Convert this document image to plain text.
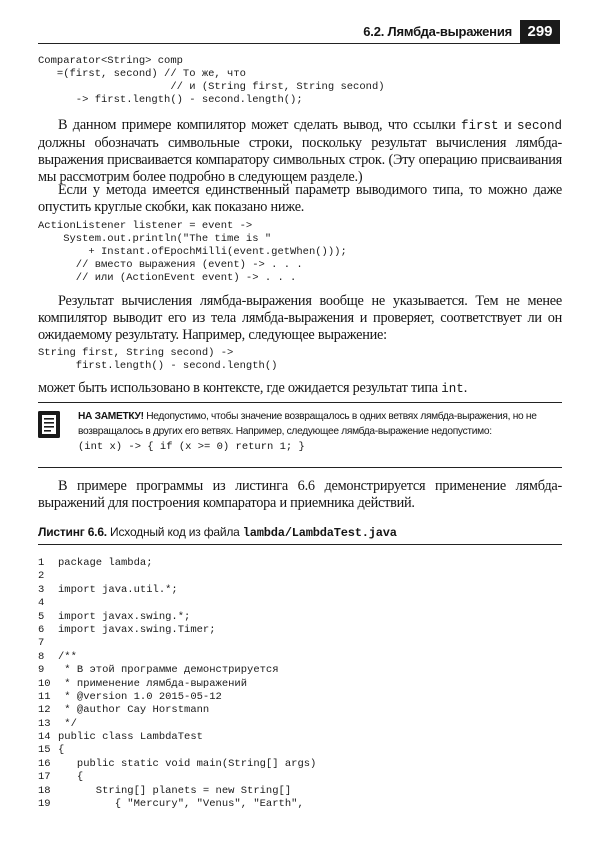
6.2. Лямбда-выражения	299
Comparator<String> comp
=(first, second) // То же, что
// и (String first, String second)
-> first.length() - second.length();

В данном примере компилятор может сделать вывод, что ссылки first и second должны обозначать символьные строки, поскольку результат вычисления лямбда-выражения присваивается компаратору символьных строк. (Эту операцию присваивания мы рассмотрим более подробно в следующем разделе.)

Если у метода имеется единственный параметр выводимого типа, то можно даже опустить круглые скобки, как показано ниже.

ActionListener listener = event ->
System.out.println("The time is "
+ Instant.ofEpochMilli(event.getWhen()));
// вместо выражения (event) -> . . .
// или (ActionEvent event) -> . . .

Результат вычисления лямбда-выражения вообще не указывается. Тем не менее компилятор выводит его из тела лямбда-выражения и проверяет, соответствует ли он ожидаемому результату. Например, следующее выражение:

String first, String second) ->
first.length() - second.length()

может быть использовано в контексте, где ожидается результат типа int.

НА ЗАМЕТКУ! Недопустимо, чтобы значение возвращалось в одних ветвях лямбда-выражения, но не возвращалось в других его ветвях. Например, следующее лямбда-выражение недопустимо:

(int x) -> { if (x >= 0) return 1; }

В примере программы из листинга 6.6 демонстрируется применение лямбда-выражений для построения компаратора и приемника действий.

Листинг 6.6. Исходный код из файла lambda/LambdaTest.java
1 package lambda;
2
3 import java.util.*;
4
5 import javax.swing.*;
6 import javax.swing.Timer;
7
8 /**
9 * В этой программе демонстрируется
10 * применение лямбда-выражений
11 * @version 1.0 2015-05-12
12 * @author Cay Horstmann
13 */
14 public class LambdaTest
15 {
16   public static void main(String[] args)
17   {
18      String[] planets = new String[]
19         { "Mercury", "Venus", "Earth",
